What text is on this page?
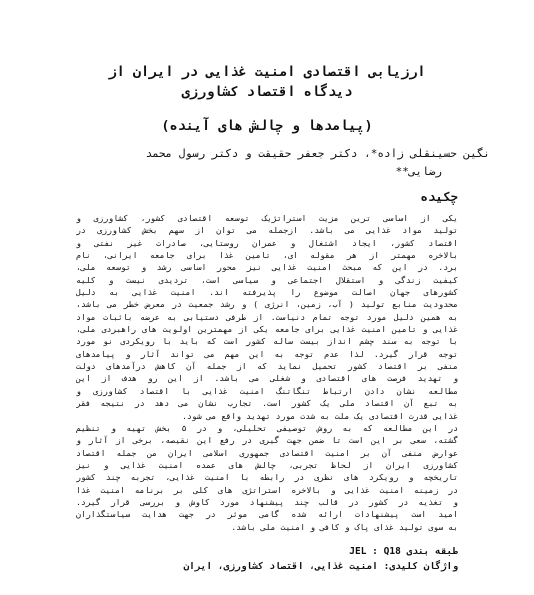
ارزیابی اقتصادی امنیت غذایی در ایران از
دیدگاه اقتصاد کشاورزی
(پیامدها و چالش های آینده)
نگین حسینقلی زاده*، دکتر جعفر حقیقت و دکتر رسول محمد
رضایی**
چکیده
یکی از اساسی ترین مزیت استراتژیک توسعه اقتصادی کشور، کشاورزی و
تولید مواد غذایی می باشد. ازجمله می توان از سهم بخش کشاورزی در
اقتصاد کشور، ایجاد اشتغال و عمران روستایی، صادرات غیر نفتی و
بالاخره مهمتر از هر مقوله ای، تامین غذا برای جامعه ایرانی، نام
برد. در این که مبحث امنیت غذایی نیز محور اساسی رشد و توسعه ملی،
کیفیت زندگی و استقلال اجتماعی و سیاسی است، تردیدی نیست و کلیه
کشورهای جهان اصالت موضوع را پذیرفته اند. امنیت غذایی به دلیل
محدودیت منابع تولید ( آب، زمین، انرژی ) و رشد جمعیت در معرض خطر می باشد،
به همین دلیل مورد توجه تمام دنیاست. از طرفی دستیابی به عرضه باثبات مواد
غذایی و تامین امنیت غذایی برای جامعه یکی از مهمترین اولویت های راهبردی ملی،
با توجه به سند چشم انداز بیست ساله کشور است که باید با رویکردی نو مورد
توجه قرار گیرد. لذا عدم توجه به این مهم می تواند آثار و پیامدهای
منفی بر اقتصاد کشور تحمیل نماید که از جمله آن کاهش درآمدهای دولت
و تهدید فرصت های اقتصادی و شغلی می باشد. از این رو هدف از این
مطالعه نشان دادن ارتباط تنگاتنگ امنیت غذایی با اقتصاد کشاورزی و
به تبع آن اقتصاد ملی یک کشور است. تجارب نشان می دهد در نتیجه فقر
غذایی قدرت اقتصادی یک ملت به شدت مورد تهدید واقع می شود.
در این مطالعه که به روش توصیفی تحلیلی، و در ۵ بخش تهیه و تنظیم
گشته، سعی بر این است تا ضمن جهت گیری در رفع این نقیصه، برخی از آثار و
عوارض منفی آن بر امنیت اقتصادی جمهوری اسلامی ایران من جمله اقتصاد
کشاورزی ایران از لحاظ تجربی، چالش های عمده امنیت غذایی و نیز
تاریخچه و رویکرد های نظری در رابطه با امنیت غذایی، تجربه چند کشور
در زمینه امنیت غذایی و بالاخره استراتژی های کلی بر برنامه امنیت غذا
و تغذیه در کشور در قالب چند پیشنهاد مورد کاوش و بررسی قرار گیرد.
امید است پیشنهادات ارائه شده گامی موثر در جهت هدایت سیاستگذاران
به سوی تولید غذای پاک و کافی و امنیت ملی باشد.
طبقه بندی JEL : Q18
واژگان کلیدی: امنیت غذایی، اقتصاد کشاورزی، ایران
